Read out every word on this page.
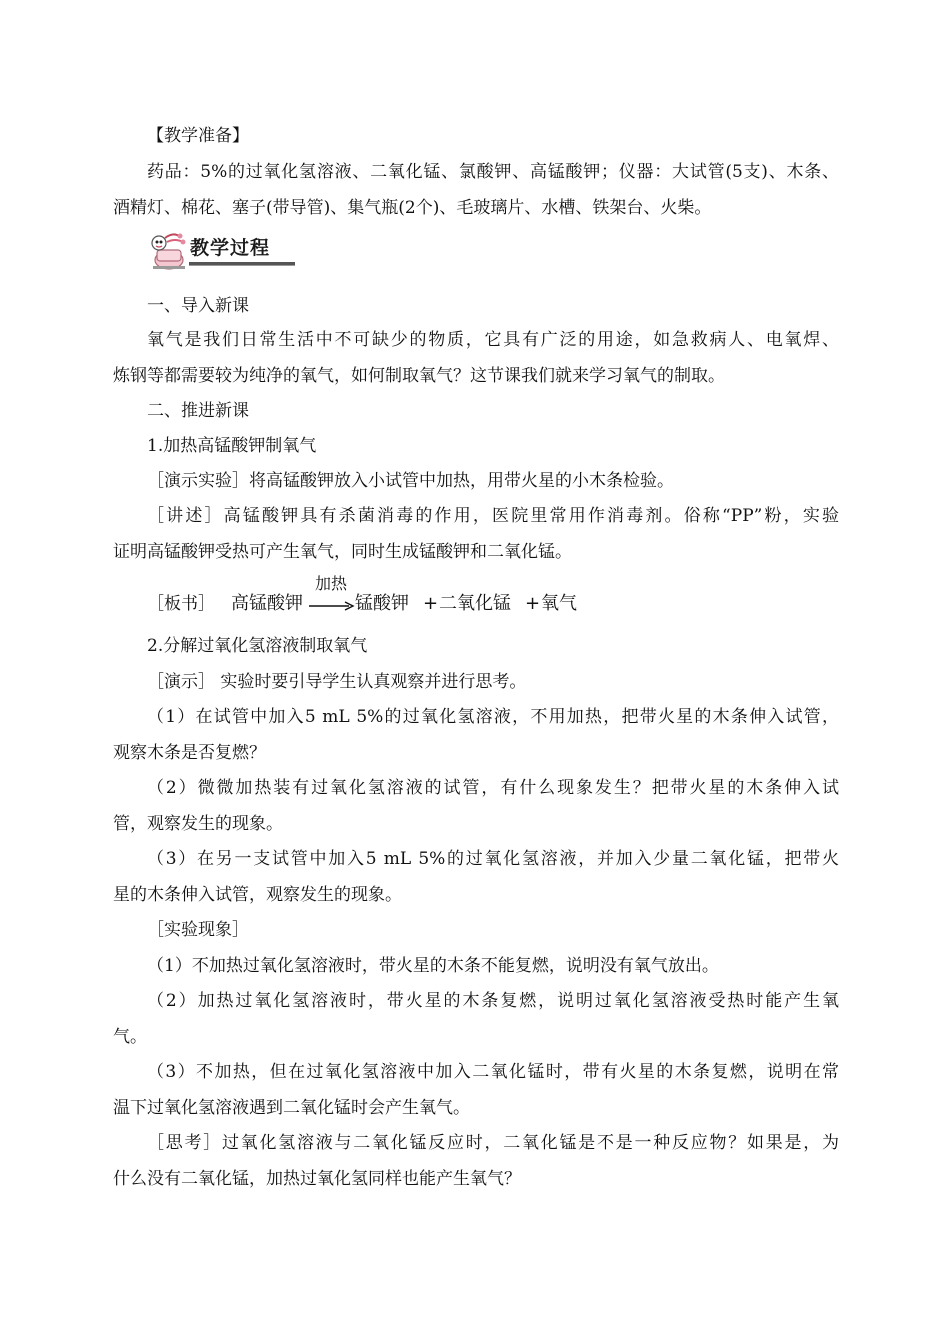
【教学准备】
药品：5%的过氧化氢溶液、二氧化锰、氯酸钾、高锰酸钾；仪器：大试管(5支)、木条、
酒精灯、棉花、塞子(带导管)、集气瓶(2个)、毛玻璃片、水槽、铁架台、火柴。
教学过程
一、导入新课
氧气是我们日常生活中不可缺少的物质，它具有广泛的用途，如急救病人、电氧焊、
炼钢等都需要较为纯净的氧气，如何制取氧气？这节课我们就来学习氧气的制取。
二、推进新课
1.加热高锰酸钾制氧气
［演示实验］将高锰酸钾放入小试管中加热，用带火星的小木条检验。
［讲述］高锰酸钾具有杀菌消毒的作用，医院里常用作消毒剂。俗称“PP”粉，实验
证明高锰酸钾受热可产生氧气，同时生成锰酸钾和二氧化锰。
［板书］ 高锰酸钾
加热
→ 锰酸钾 + 二氧化锰 + 氧气
2.分解过氧化氢溶液制取氧气
［演示］ 实验时要引导学生认真观察并进行思考。
（1）在试管中加入5 mL 5%的过氧化氢溶液，不用加热，把带火星的木条伸入试管，
观察木条是否复燃？
（2）微微加热装有过氧化氢溶液的试管，有什么现象发生？把带火星的木条伸入试
管，观察发生的现象。
（3）在另一支试管中加入5 mL 5%的过氧化氢溶液，并加入少量二氧化锰，把带火
星的木条伸入试管，观察发生的现象。
［实验现象］
（1）不加热过氧化氢溶液时，带火星的木条不能复燃，说明没有氧气放出。
（2）加热过氧化氢溶液时，带火星的木条复燃，说明过氧化氢溶液受热时能产生氧
气。
（3）不加热，但在过氧化氢溶液中加入二氧化锰时，带有火星的木条复燃，说明在常
温下过氧化氢溶液遇到二氧化锰时会产生氧气。
［思考］过氧化氢溶液与二氧化锰反应时，二氧化锰是不是一种反应物？如果是，为
什么没有二氧化锰，加热过氧化氢同样也能产生氧气？
